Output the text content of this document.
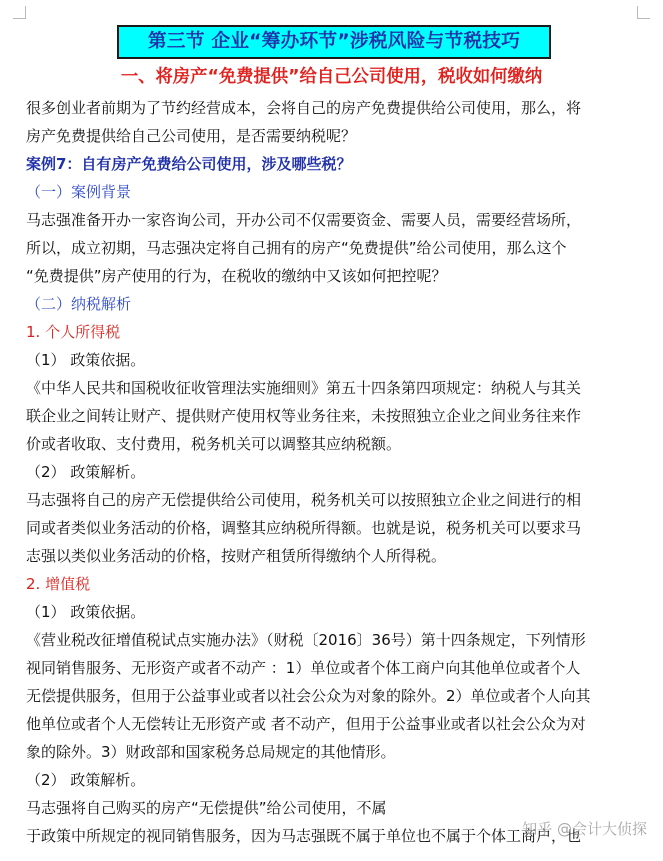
第三节 企业“筹办环节”涉税风险与节税技巧
一、将房产“免费提供”给自己公司使用，税收如何缴纳
很多创业者前期为了节约经营成本，会将自己的房产免费提供给公司使用，那么，将
房产免费提供给自己公司使用，是否需要纳税呢？
案例7：自有房产免费给公司使用，涉及哪些税？
（一）案例背景
马志强准备开办一家咨询公司，开办公司不仅需要资金、需要人员，需要经营场所，
所以，成立初期，马志强决定将自己拥有的房产“免费提供”给公司使用，那么这个
“免费提供”房产使用的行为，在税收的缴纳中又该如何把控呢？
（二）纳税解析
1. 个人所得税
（1） 政策依据。
《中华人民共和国税收征收管理法实施细则》第五十四条第四项规定：纳税人与其关
联企业之间转让财产、提供财产使用权等业务往来，未按照独立企业之间业务往来作
价或者收取、支付费用，税务机关可以调整其应纳税额。
（2） 政策解析。
马志强将自己的房产无偿提供给公司使用，税务机关可以按照独立企业之间进行的相
同或者类似业务活动的价格，调整其应纳税所得额。也就是说，税务机关可以要求马
志强以类似业务活动的价格，按财产租赁所得缴纳个人所得税。
2. 增值税
（1） 政策依据。
《营业税改征增值税试点实施办法》（财税〔2016〕36号）第十四条规定，下列情形
视同销售服务、无形资产或者不动产 ：1）单位或者个体工商户向其他单位或者个人
无偿提供服务，但用于公益事业或者以社会公众为对象的除外。2）单位或者个人向其
他单位或者个人无偿转让无形资产或 者不动产，但用于公益事业或者以社会公众为对
象的除外。3）财政部和国家税务总局规定的其他情形。
（2） 政策解析。
马志强将自己购买的房产“无偿提供”给公司使用，不属
于政策中所规定的视同销售服务，因为马志强既不属于单位也不属于个体工商户，也
知乎 @会计大侦探
